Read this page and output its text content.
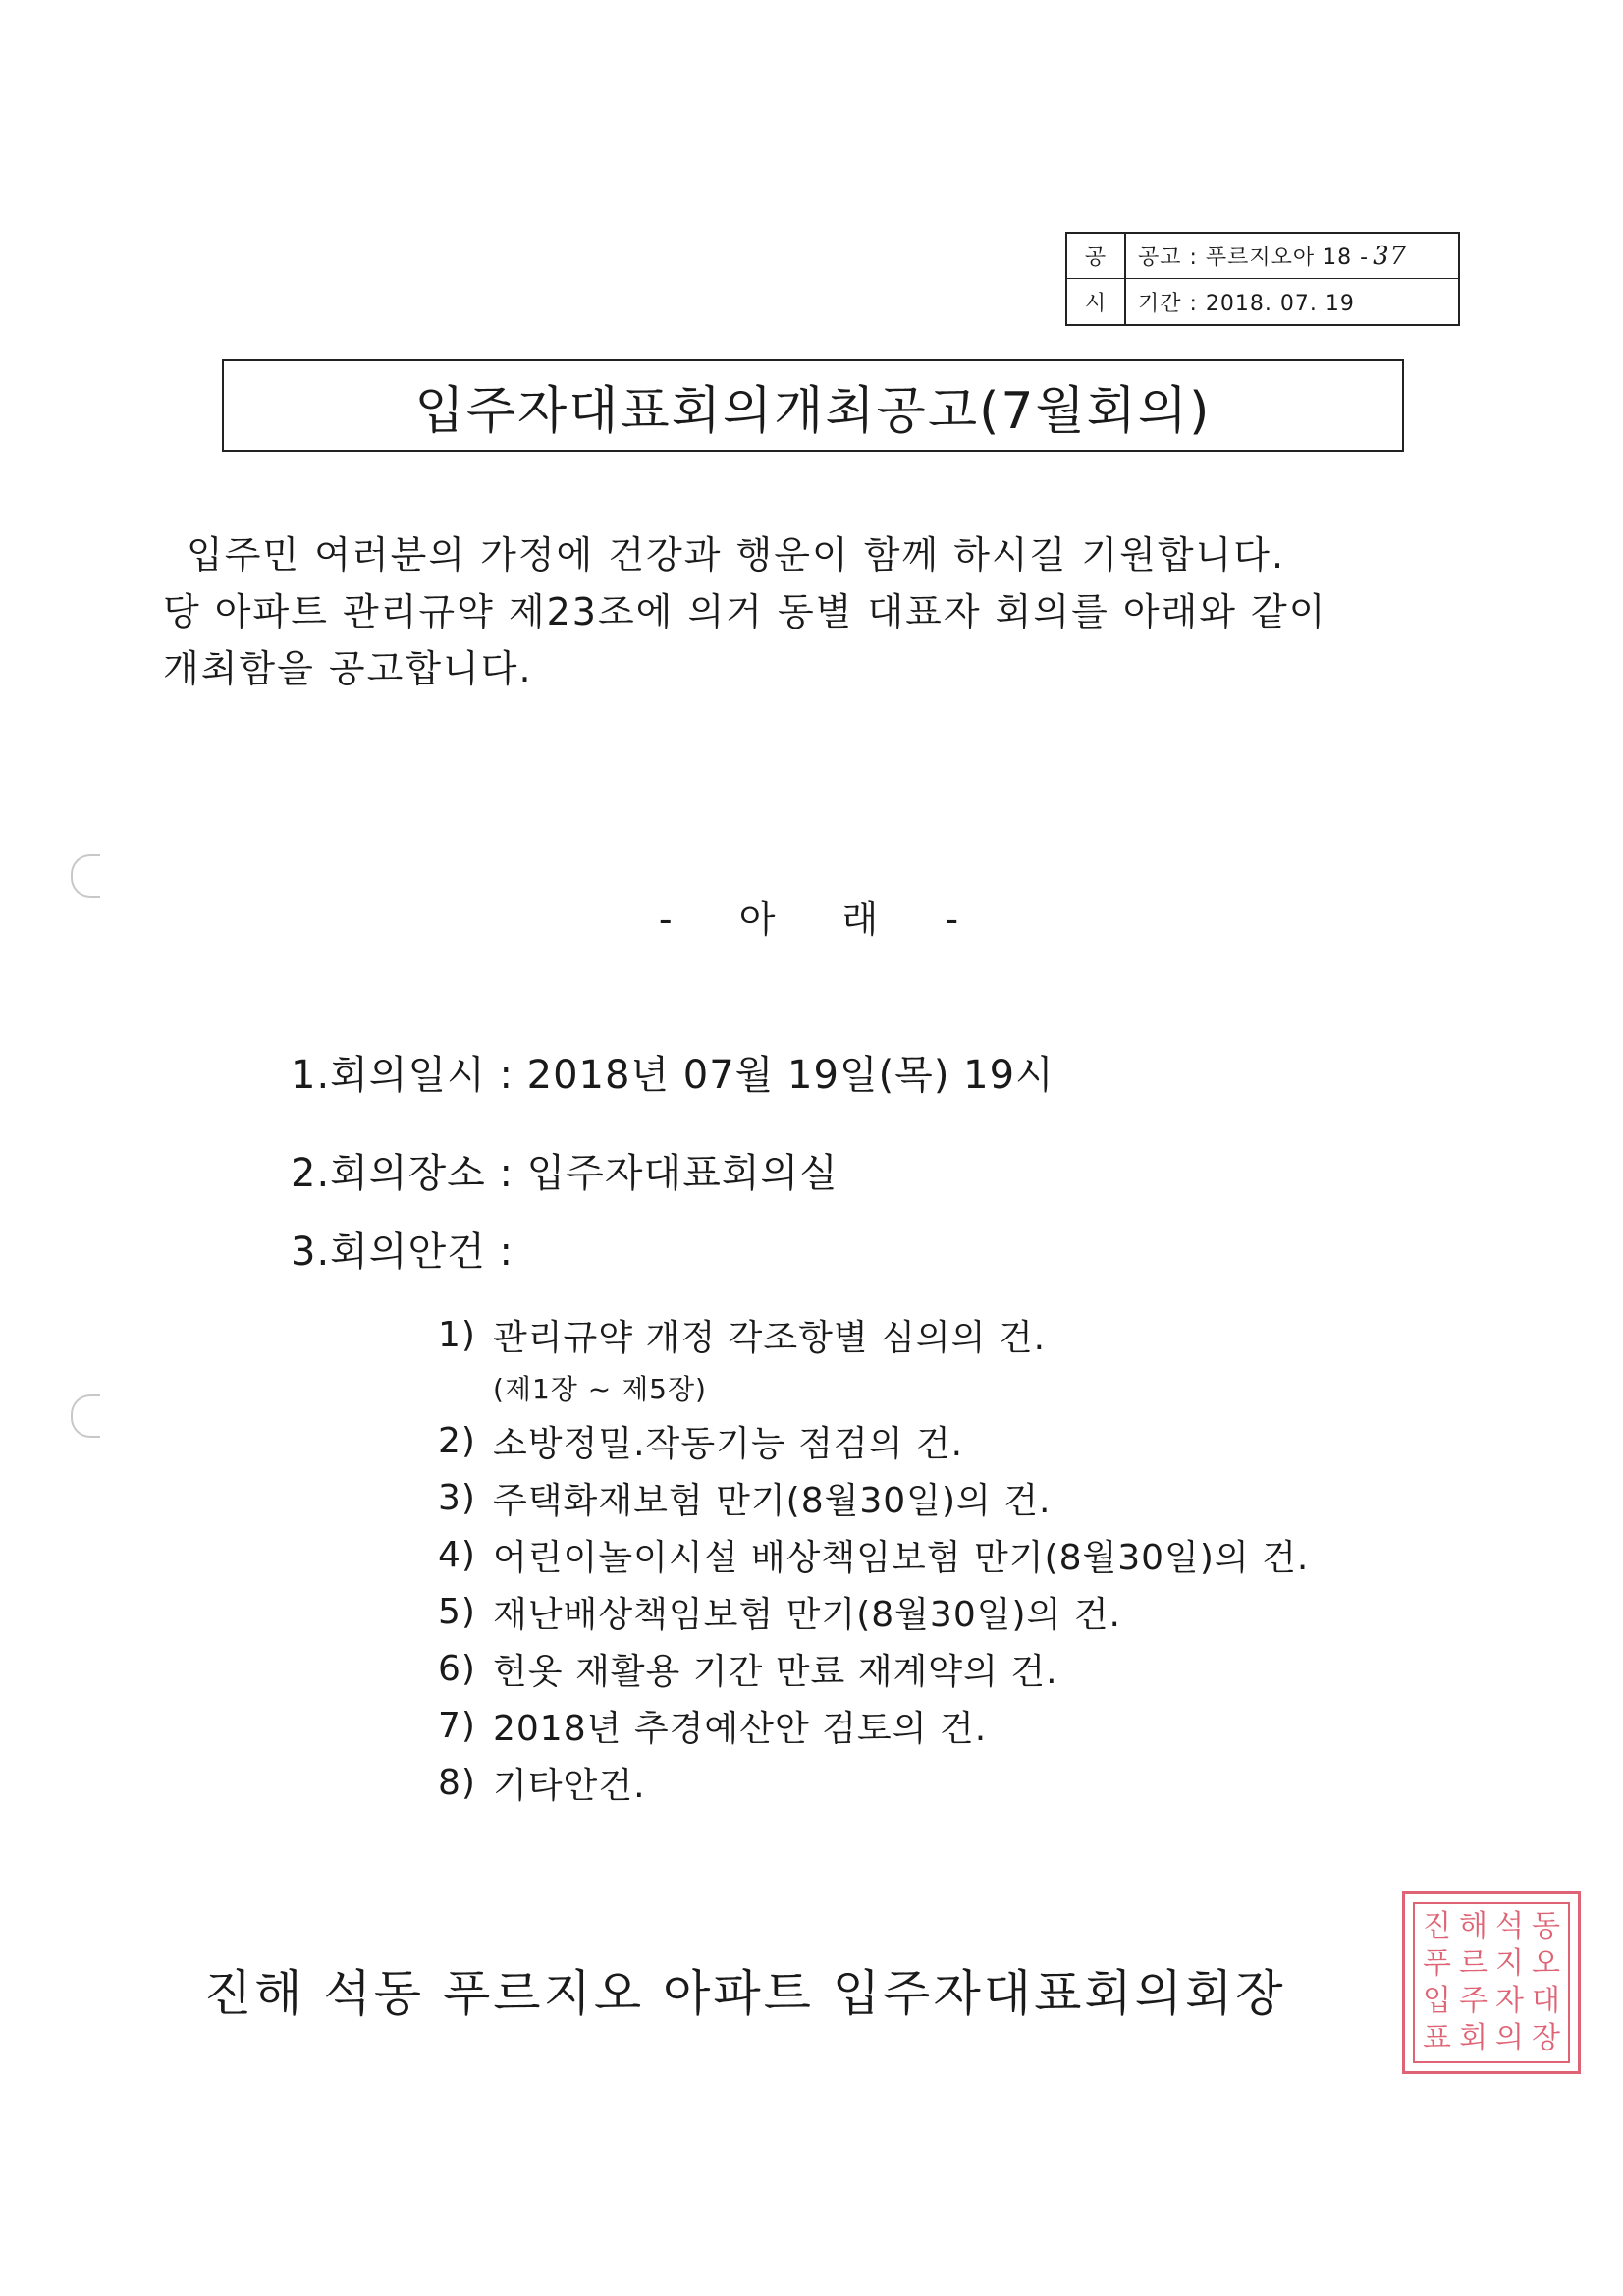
공	공고 : 푸르지오아 18 - 37
시	기간 : 2018. 07. 19
입주자대표회의개최공고(7월회의)
입주민 여러분의 가정에 건강과 행운이 함께 하시길 기원합니다.
당 아파트 관리규약 제23조에 의거 동별 대표자 회의를 아래와 같이
개최함을 공고합니다.
- 아 래 -
1.회의일시 : 2018년 07월 19일(목) 19시
2.회의장소 : 입주자대표회의실
3.회의안건 :
1) 관리규약 개정 각조항별 심의의 건.
(제1장 ~ 제5장)
2) 소방정밀.작동기능 점검의 건.
3) 주택화재보험 만기(8월30일)의 건.
4) 어린이놀이시설 배상책임보험 만기(8월30일)의 건.
5) 재난배상책임보험 만기(8월30일)의 건.
6) 헌옷 재활용 기간 만료 재계약의 건.
7) 2018년 추경예산안 검토의 건.
8) 기타안건.
진해 석동 푸르지오 아파트 입주자대표회의회장
진 해 석 동
푸 르 지 오
입 주 자 대
표 회 의 장
